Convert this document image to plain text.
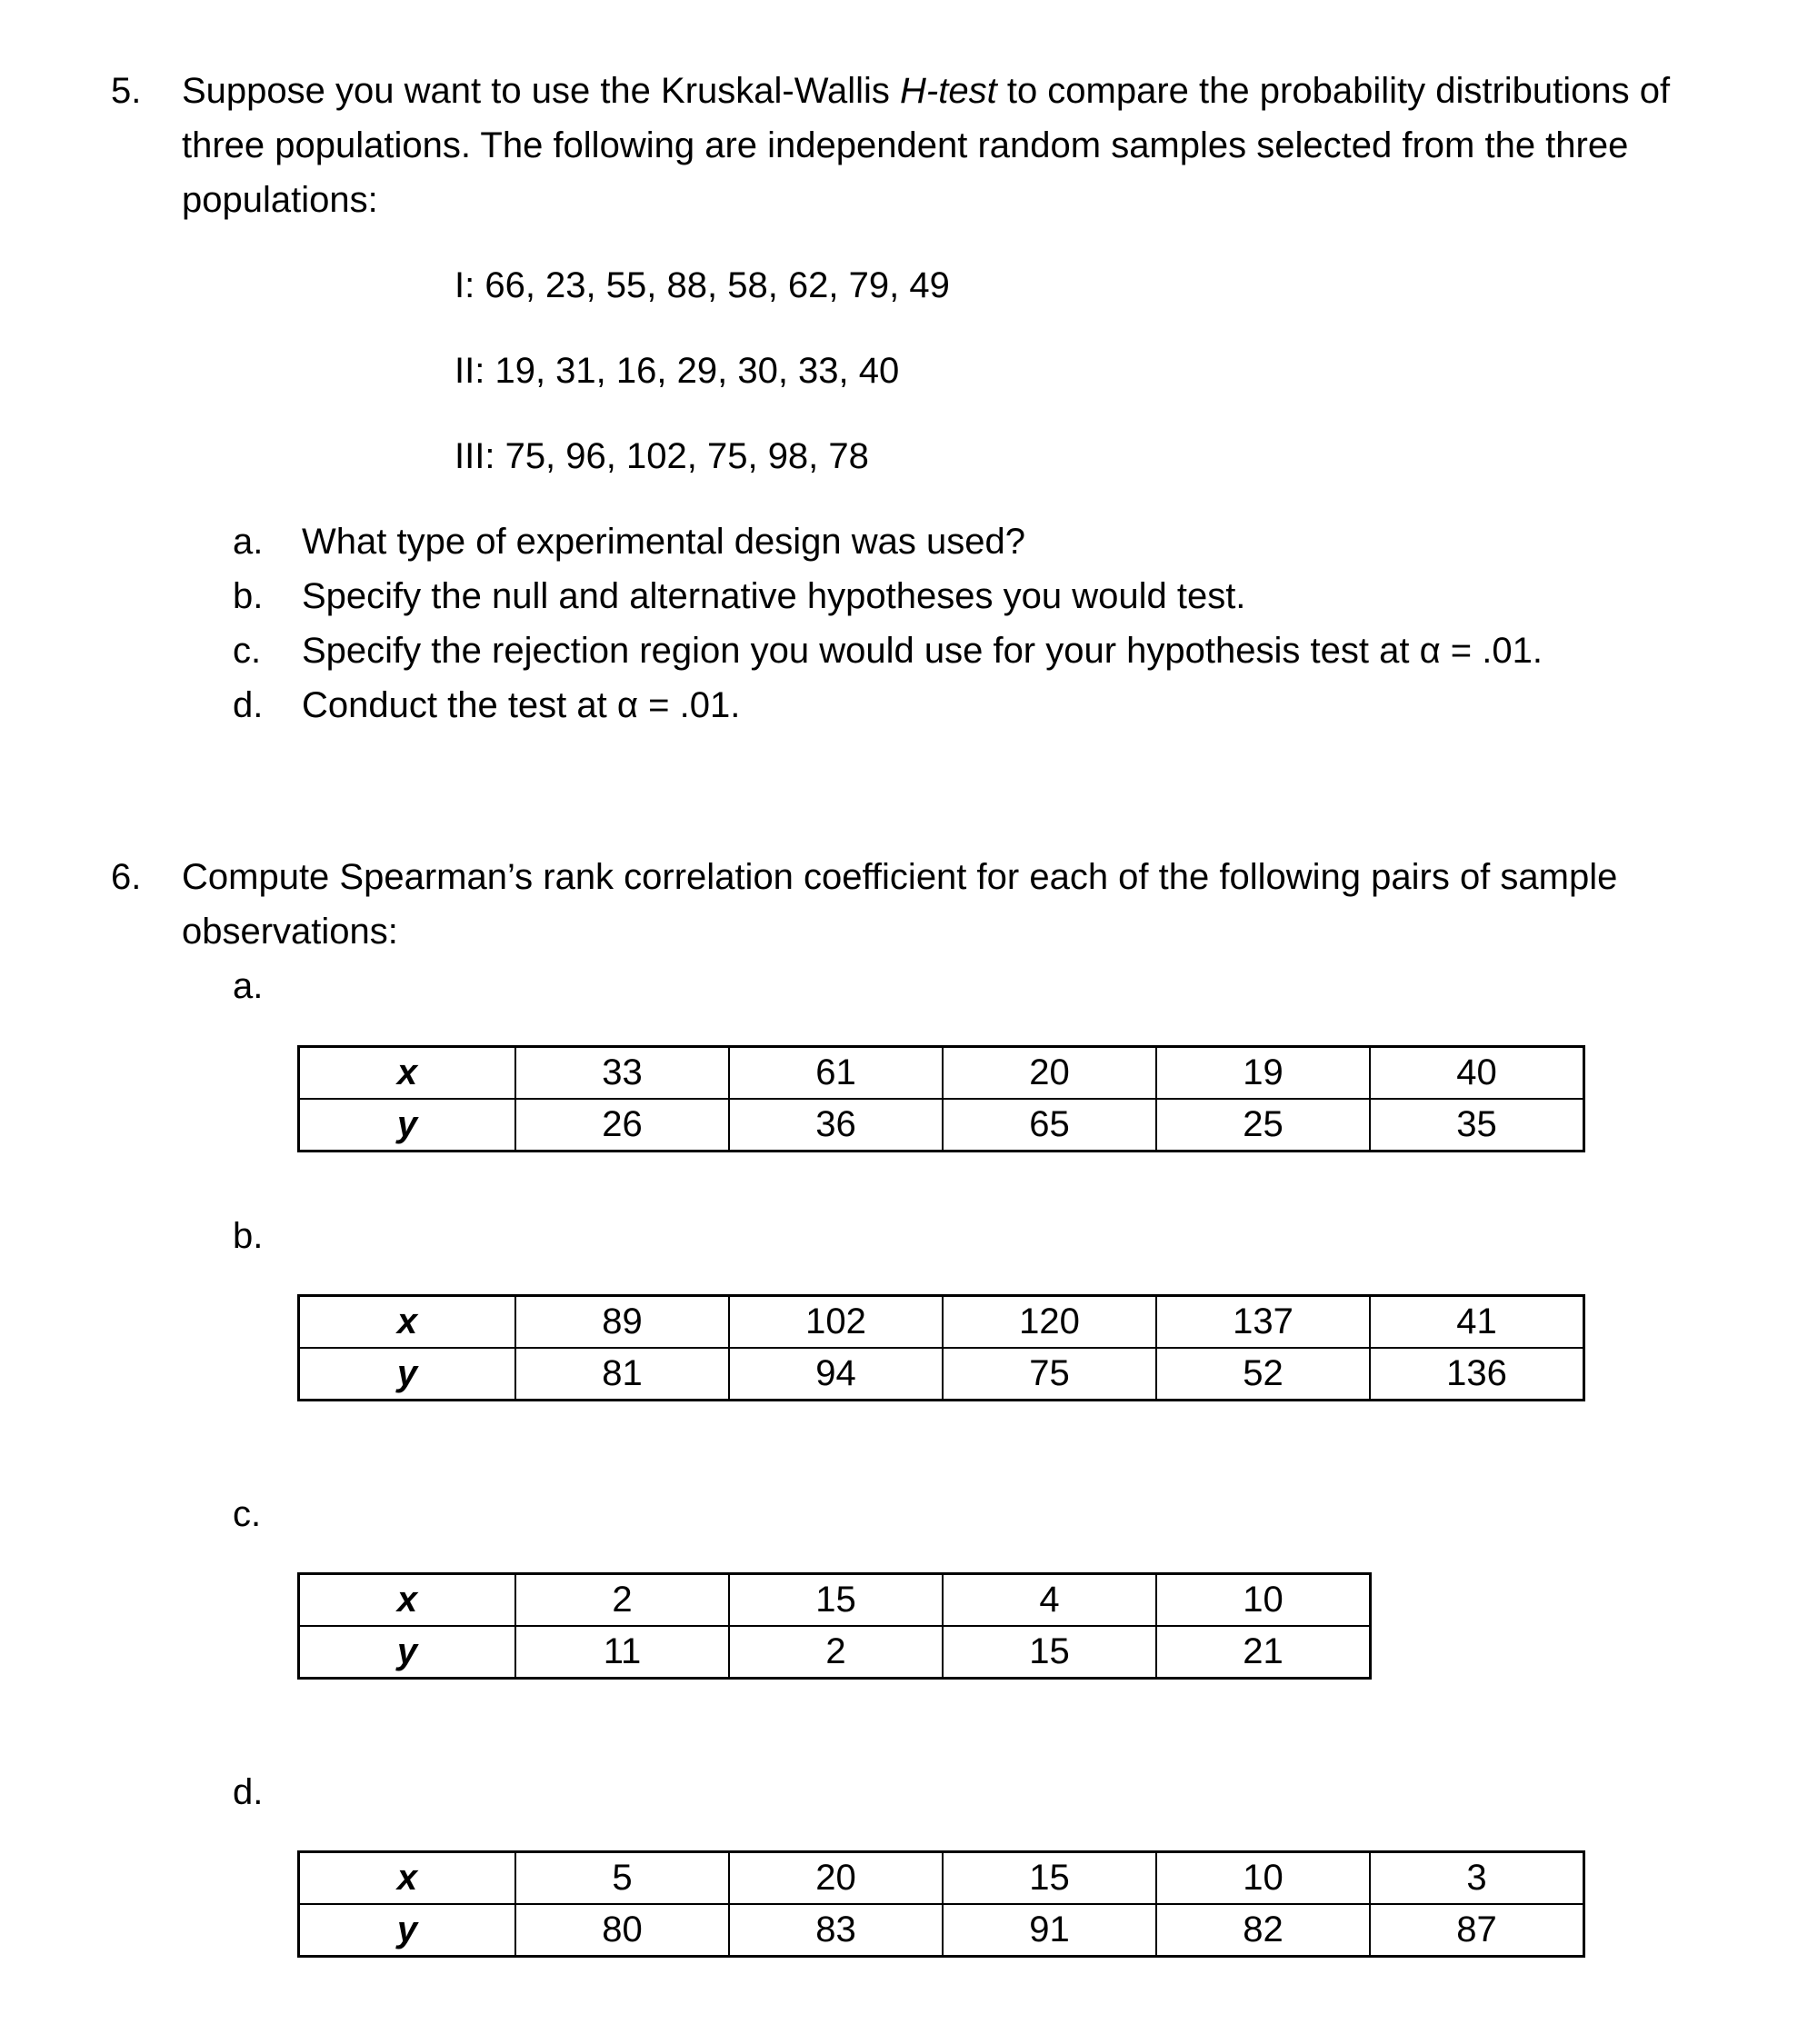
5. Suppose you want to use the Kruskal-Wallis H-test to compare the probability distributions of
three populations. The following are independent random samples selected from the three
populations:
I: 66, 23, 55, 88, 58, 62, 79, 49
II: 19, 31, 16, 29, 30, 33, 40
III: 75, 96, 102, 75, 98, 78
a. What type of experimental design was used?
b. Specify the null and alternative hypotheses you would test.
c. Specify the rejection region you would use for your hypothesis test at α = .01.
d. Conduct the test at α = .01.
6. Compute Spearman’s rank correlation coefficient for each of the following pairs of sample
observations:
a.
x	33	61	20	19	40
y	26	36	65	25	35
b.
x	89	102	120	137	41
y	81	94	75	52	136
c.
x	2	15	4	10
y	11	2	15	21
d.
x	5	20	15	10	3
y	80	83	91	82	87
